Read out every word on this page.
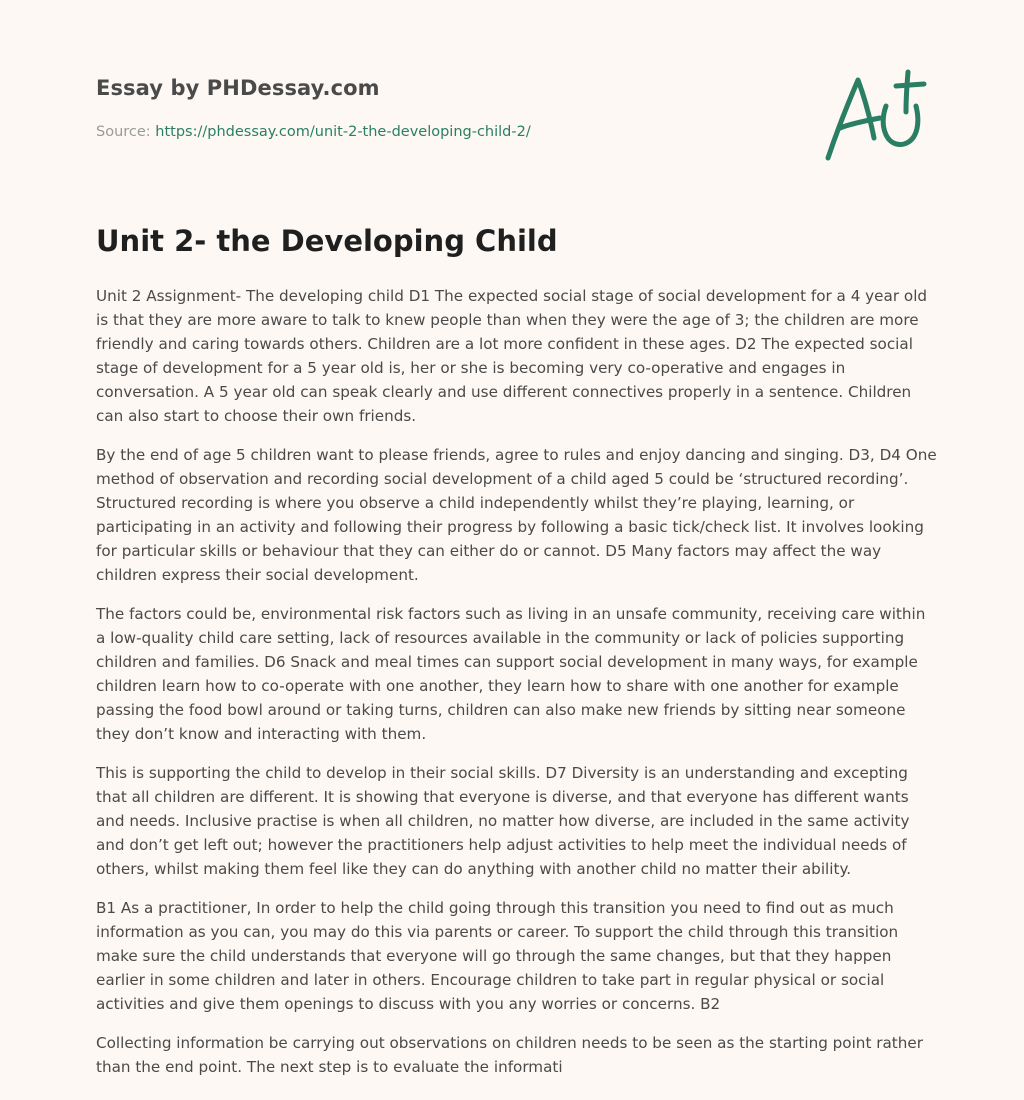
Essay by PHDessay.com
Source: https://phdessay.com/unit-2-the-developing-child-2/
Unit 2- the Developing Child

Unit 2 Assignment- The developing child D1 The expected social stage of social development for a 4 year old is that they are more aware to talk to knew people than when they were the age of 3; the children are more friendly and caring towards others. Children are a lot more confident in these ages. D2 The expected social stage of development for a 5 year old is, her or she is becoming very co-operative and engages in conversation. A 5 year old can speak clearly and use different connectives properly in a sentence. Children can also start to choose their own friends.

By the end of age 5 children want to please friends, agree to rules and enjoy dancing and singing. D3, D4 One method of observation and recording social development of a child aged 5 could be ‘structured recording’. Structured recording is where you observe a child independently whilst they’re playing, learning, or participating in an activity and following their progress by following a basic tick/check list. It involves looking for particular skills or behaviour that they can either do or cannot. D5 Many factors may affect the way children express their social development.

The factors could be, environmental risk factors such as living in an unsafe community, receiving care within a low-quality child care setting, lack of resources available in the community or lack of policies supporting children and families. D6 Snack and meal times can support social development in many ways, for example children learn how to co-operate with one another, they learn how to share with one another for example passing the food bowl around or taking turns, children can also make new friends by sitting near someone they don’t know and interacting with them.

This is supporting the child to develop in their social skills. D7 Diversity is an understanding and excepting that all children are different. It is showing that everyone is diverse, and that everyone has different wants and needs. Inclusive practise is when all children, no matter how diverse, are included in the same activity and don’t get left out; however the practitioners help adjust activities to help meet the individual needs of others, whilst making them feel like they can do anything with another child no matter their ability.

B1 As a practitioner, In order to help the child going through this transition you need to find out as much information as you can, you may do this via parents or career. To support the child through this transition make sure the child understands that everyone will go through the same changes, but that they happen earlier in some children and later in others. Encourage children to take part in regular physical or social activities and give them openings to discuss with you any worries or concerns. B2

Collecting information be carrying out observations on children needs to be seen as the starting point rather than the end point. The next step is to evaluate the informati
